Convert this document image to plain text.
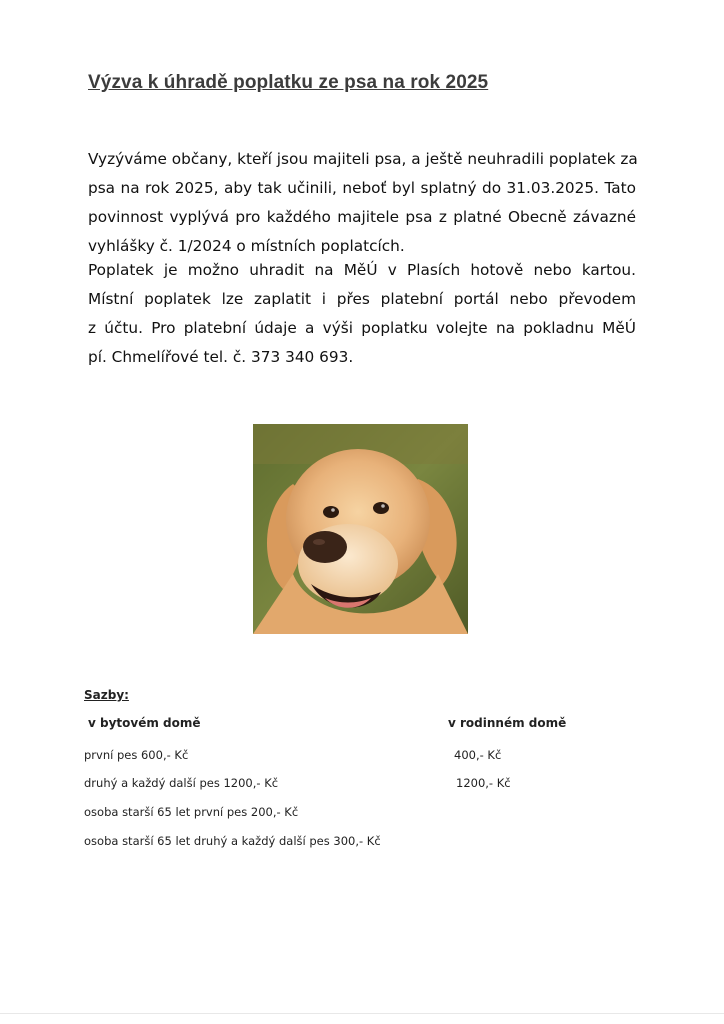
Výzva k úhradě poplatku ze psa na rok 2025
Vyzýváme občany, kteří jsou majiteli psa, a ještě neuhradili poplatek za
psa na rok 2025, aby tak učinili, neboť byl splatný do 31.03.2025. Tato
povinnost vyplývá pro každého majitele psa z platné Obecně závazné
vyhlášky č. 1/2024 o místních poplatcích.
Poplatek je možno uhradit na MěÚ v Plasích hotově nebo kartou.
Místní poplatek lze zaplatit i přes platební portál nebo převodem
z účtu. Pro platební údaje a výši poplatku volejte na pokladnu MěÚ
pí. Chmelířové tel. č. 373 340 693.
Sazby:
v bytovém domě	v rodinném domě
první pes 600,- Kč	400,- Kč
druhý a každý další pes 1200,- Kč	1200,- Kč
osoba starší 65 let první pes 200,- Kč
osoba starší 65 let druhý a každý další pes 300,- Kč
